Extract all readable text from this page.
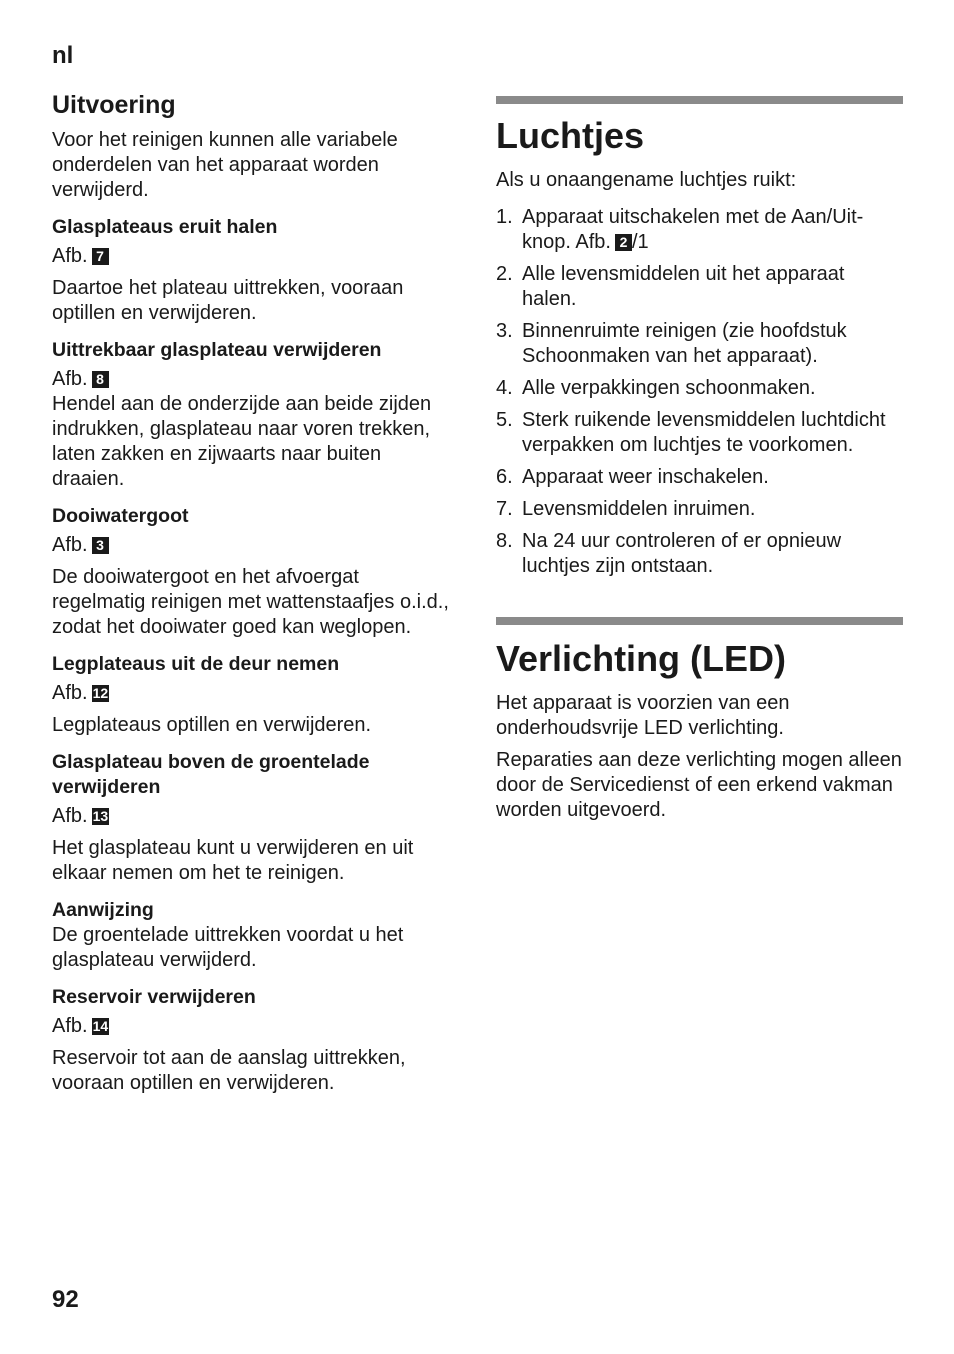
nl
Uitvoering
Voor het reinigen kunnen alle variabele onderdelen van het apparaat worden verwijderd.
Glasplateaus eruit halen
Afb. 7
Daartoe het plateau uittrekken, vooraan optillen en verwijderen.
Uittrekbaar glasplateau verwijderen
Afb. 8
Hendel aan de onderzijde aan beide zijden indrukken, glasplateau naar voren trekken, laten zakken en zijwaarts naar buiten draaien.
Dooiwatergoot
Afb. 3
De dooiwatergoot en het afvoergat regelmatig reinigen met wattenstaafjes o.i.d., zodat het dooiwater goed kan weglopen.
Legplateaus uit de deur nemen
Afb. 12
Legplateaus optillen en verwijderen.
Glasplateau boven de groentelade verwijderen
Afb. 13
Het glasplateau kunt u verwijderen en uit elkaar nemen om het te reinigen.
Aanwijzing
De groentelade uittrekken voordat u het glasplateau verwijderd.
Reservoir verwijderen
Afb. 14
Reservoir tot aan de aanslag uittrekken, vooraan optillen en verwijderen.
Luchtjes
Als u onaangename luchtjes ruikt:
1. Apparaat uitschakelen met de Aan/Uit-knop. Afb. 2 /1
2. Alle levensmiddelen uit het apparaat halen.
3. Binnenruimte reinigen (zie hoofdstuk Schoonmaken van het apparaat).
4. Alle verpakkingen schoonmaken.
5. Sterk ruikende levensmiddelen luchtdicht verpakken om luchtjes te voorkomen.
6. Apparaat weer inschakelen.
7. Levensmiddelen inruimen.
8. Na 24 uur controleren of er opnieuw luchtjes zijn ontstaan.
Verlichting (LED)
Het apparaat is voorzien van een onderhoudsvrije LED verlichting.
Reparaties aan deze verlichting mogen alleen door de Servicedienst of een erkend vakman worden uitgevoerd.
92
